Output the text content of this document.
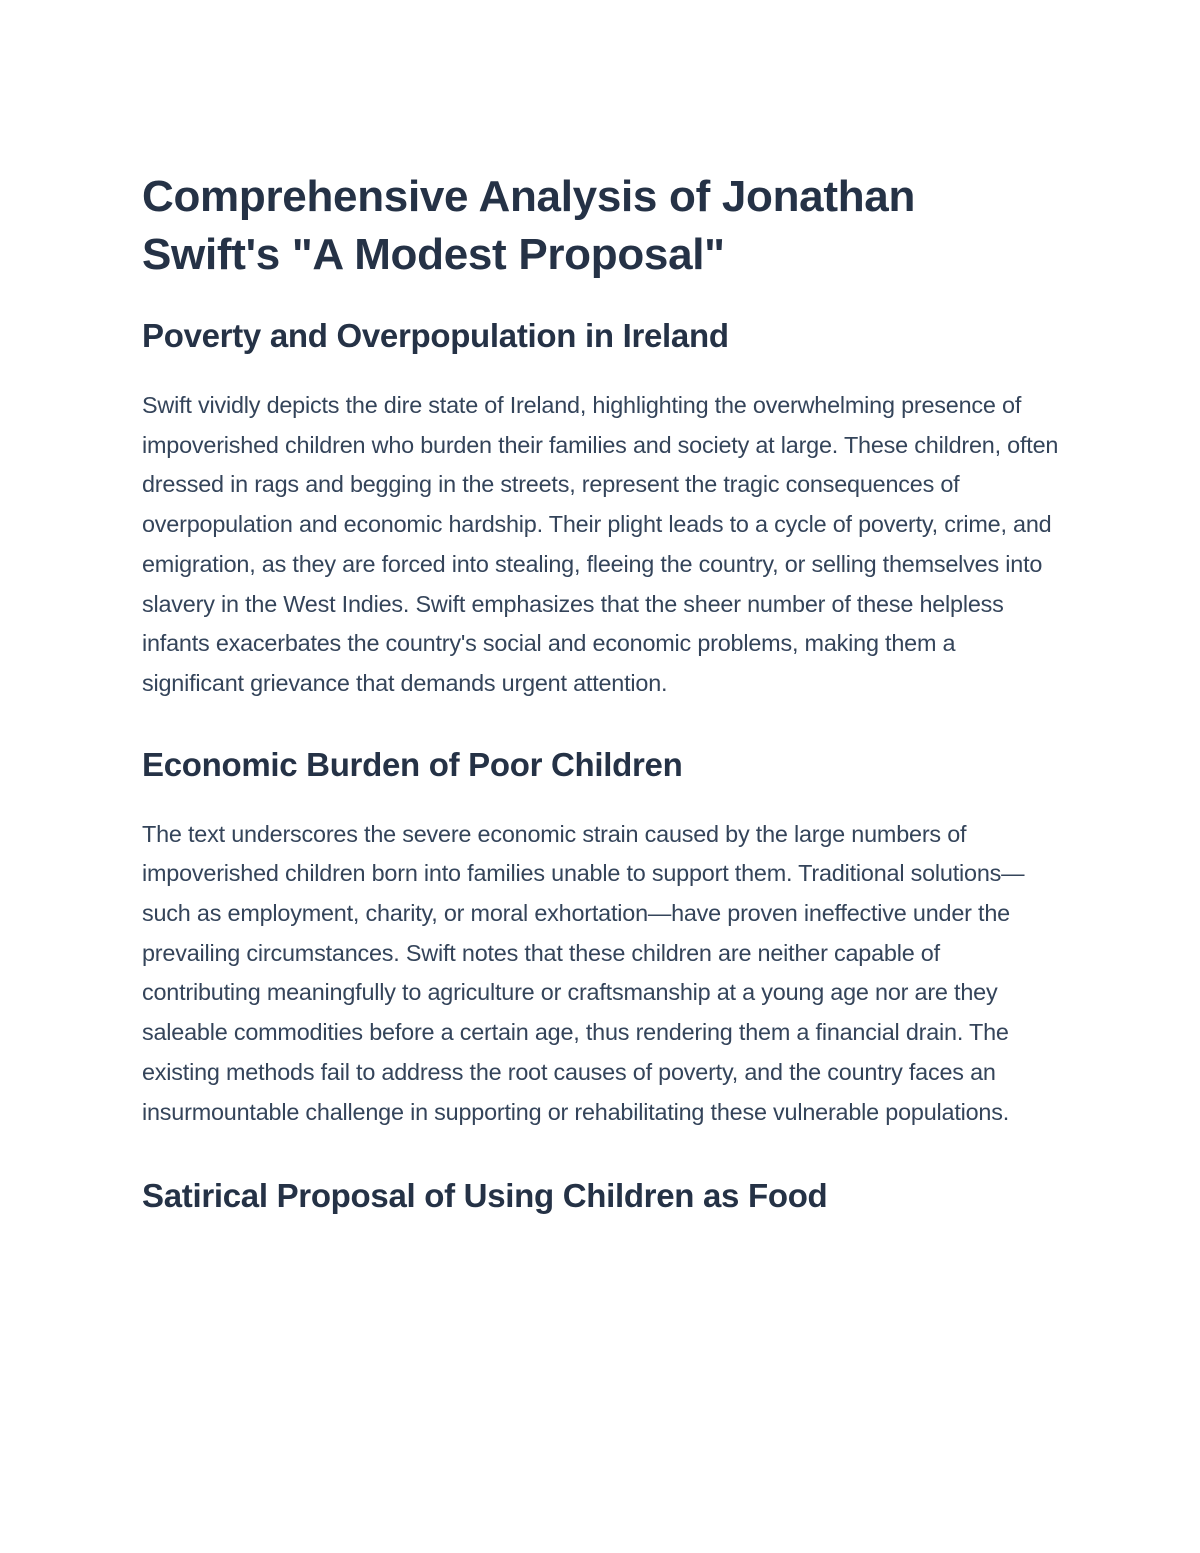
Comprehensive Analysis of Jonathan Swift's "A Modest Proposal"
Poverty and Overpopulation in Ireland

Swift vividly depicts the dire state of Ireland, highlighting the overwhelming presence of impoverished children who burden their families and society at large. These children, often dressed in rags and begging in the streets, represent the tragic consequences of overpopulation and economic hardship. Their plight leads to a cycle of poverty, crime, and emigration, as they are forced into stealing, fleeing the country, or selling themselves into slavery in the West Indies. Swift emphasizes that the sheer number of these helpless infants exacerbates the country's social and economic problems, making them a significant grievance that demands urgent attention.

Economic Burden of Poor Children

The text underscores the severe economic strain caused by the large numbers of impoverished children born into families unable to support them. Traditional solutions—such as employment, charity, or moral exhortation—have proven ineffective under the prevailing circumstances. Swift notes that these children are neither capable of contributing meaningfully to agriculture or craftsmanship at a young age nor are they saleable commodities before a certain age, thus rendering them a financial drain. The existing methods fail to address the root causes of poverty, and the country faces an insurmountable challenge in supporting or rehabilitating these vulnerable populations.

Satirical Proposal of Using Children as Food
